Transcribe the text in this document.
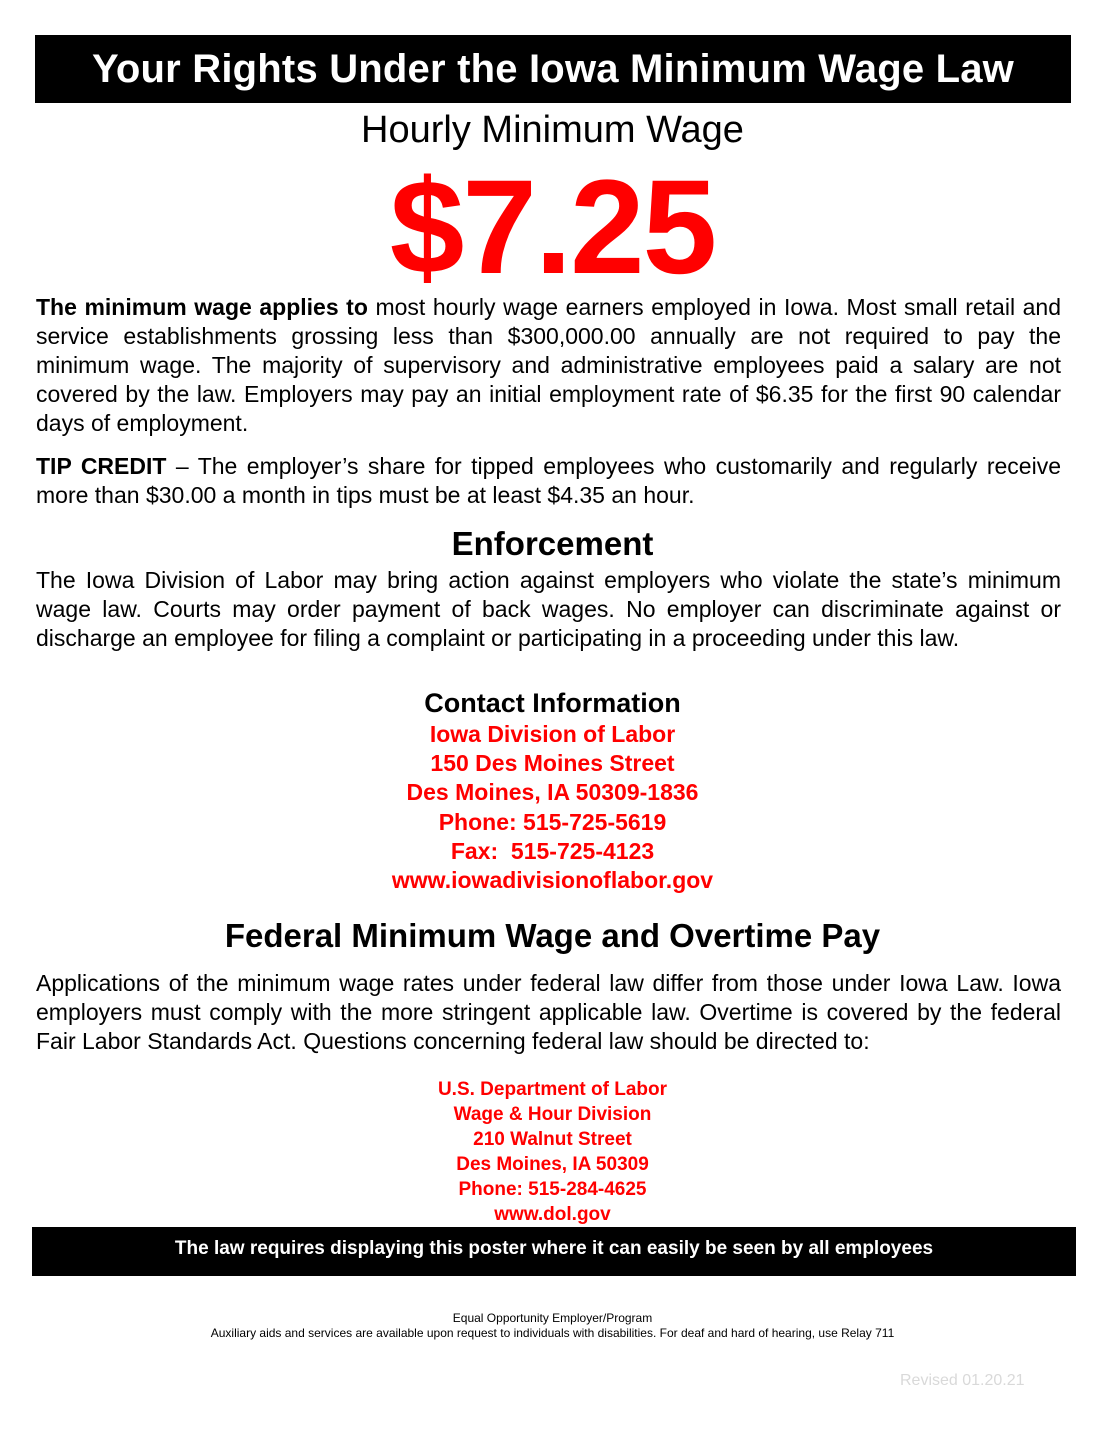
Your Rights Under the Iowa Minimum Wage Law
Hourly Minimum Wage
$7.25
The minimum wage applies to most hourly wage earners employed in Iowa. Most small retail and service establishments grossing less than $300,000.00 annually are not required to pay the minimum wage. The majority of supervisory and administrative employees paid a salary are not covered by the law. Employers may pay an initial employment rate of $6.35 for the first 90 calendar days of employment.
TIP CREDIT – The employer’s share for tipped employees who customarily and regularly receive more than $30.00 a month in tips must be at least $4.35 an hour.
Enforcement
The Iowa Division of Labor may bring action against employers who violate the state’s minimum wage law. Courts may order payment of back wages. No employer can discriminate against or discharge an employee for filing a complaint or participating in a proceeding under this law.
Contact Information
Iowa Division of Labor
150 Des Moines Street
Des Moines, IA 50309-1836
Phone: 515-725-5619
Fax:  515-725-4123
www.iowadivisionoflabor.gov
Federal Minimum Wage and Overtime Pay
Applications of the minimum wage rates under federal law differ from those under Iowa Law. Iowa employers must comply with the more stringent applicable law. Overtime is covered by the federal Fair Labor Standards Act. Questions concerning federal law should be directed to:
U.S. Department of Labor
Wage & Hour Division
210 Walnut Street
Des Moines, IA 50309
Phone: 515-284-4625
www.dol.gov
The law requires displaying this poster where it can easily be seen by all employees
Equal Opportunity Employer/Program
Auxiliary aids and services are available upon request to individuals with disabilities. For deaf and hard of hearing, use Relay 711
Revised 01.20.21
